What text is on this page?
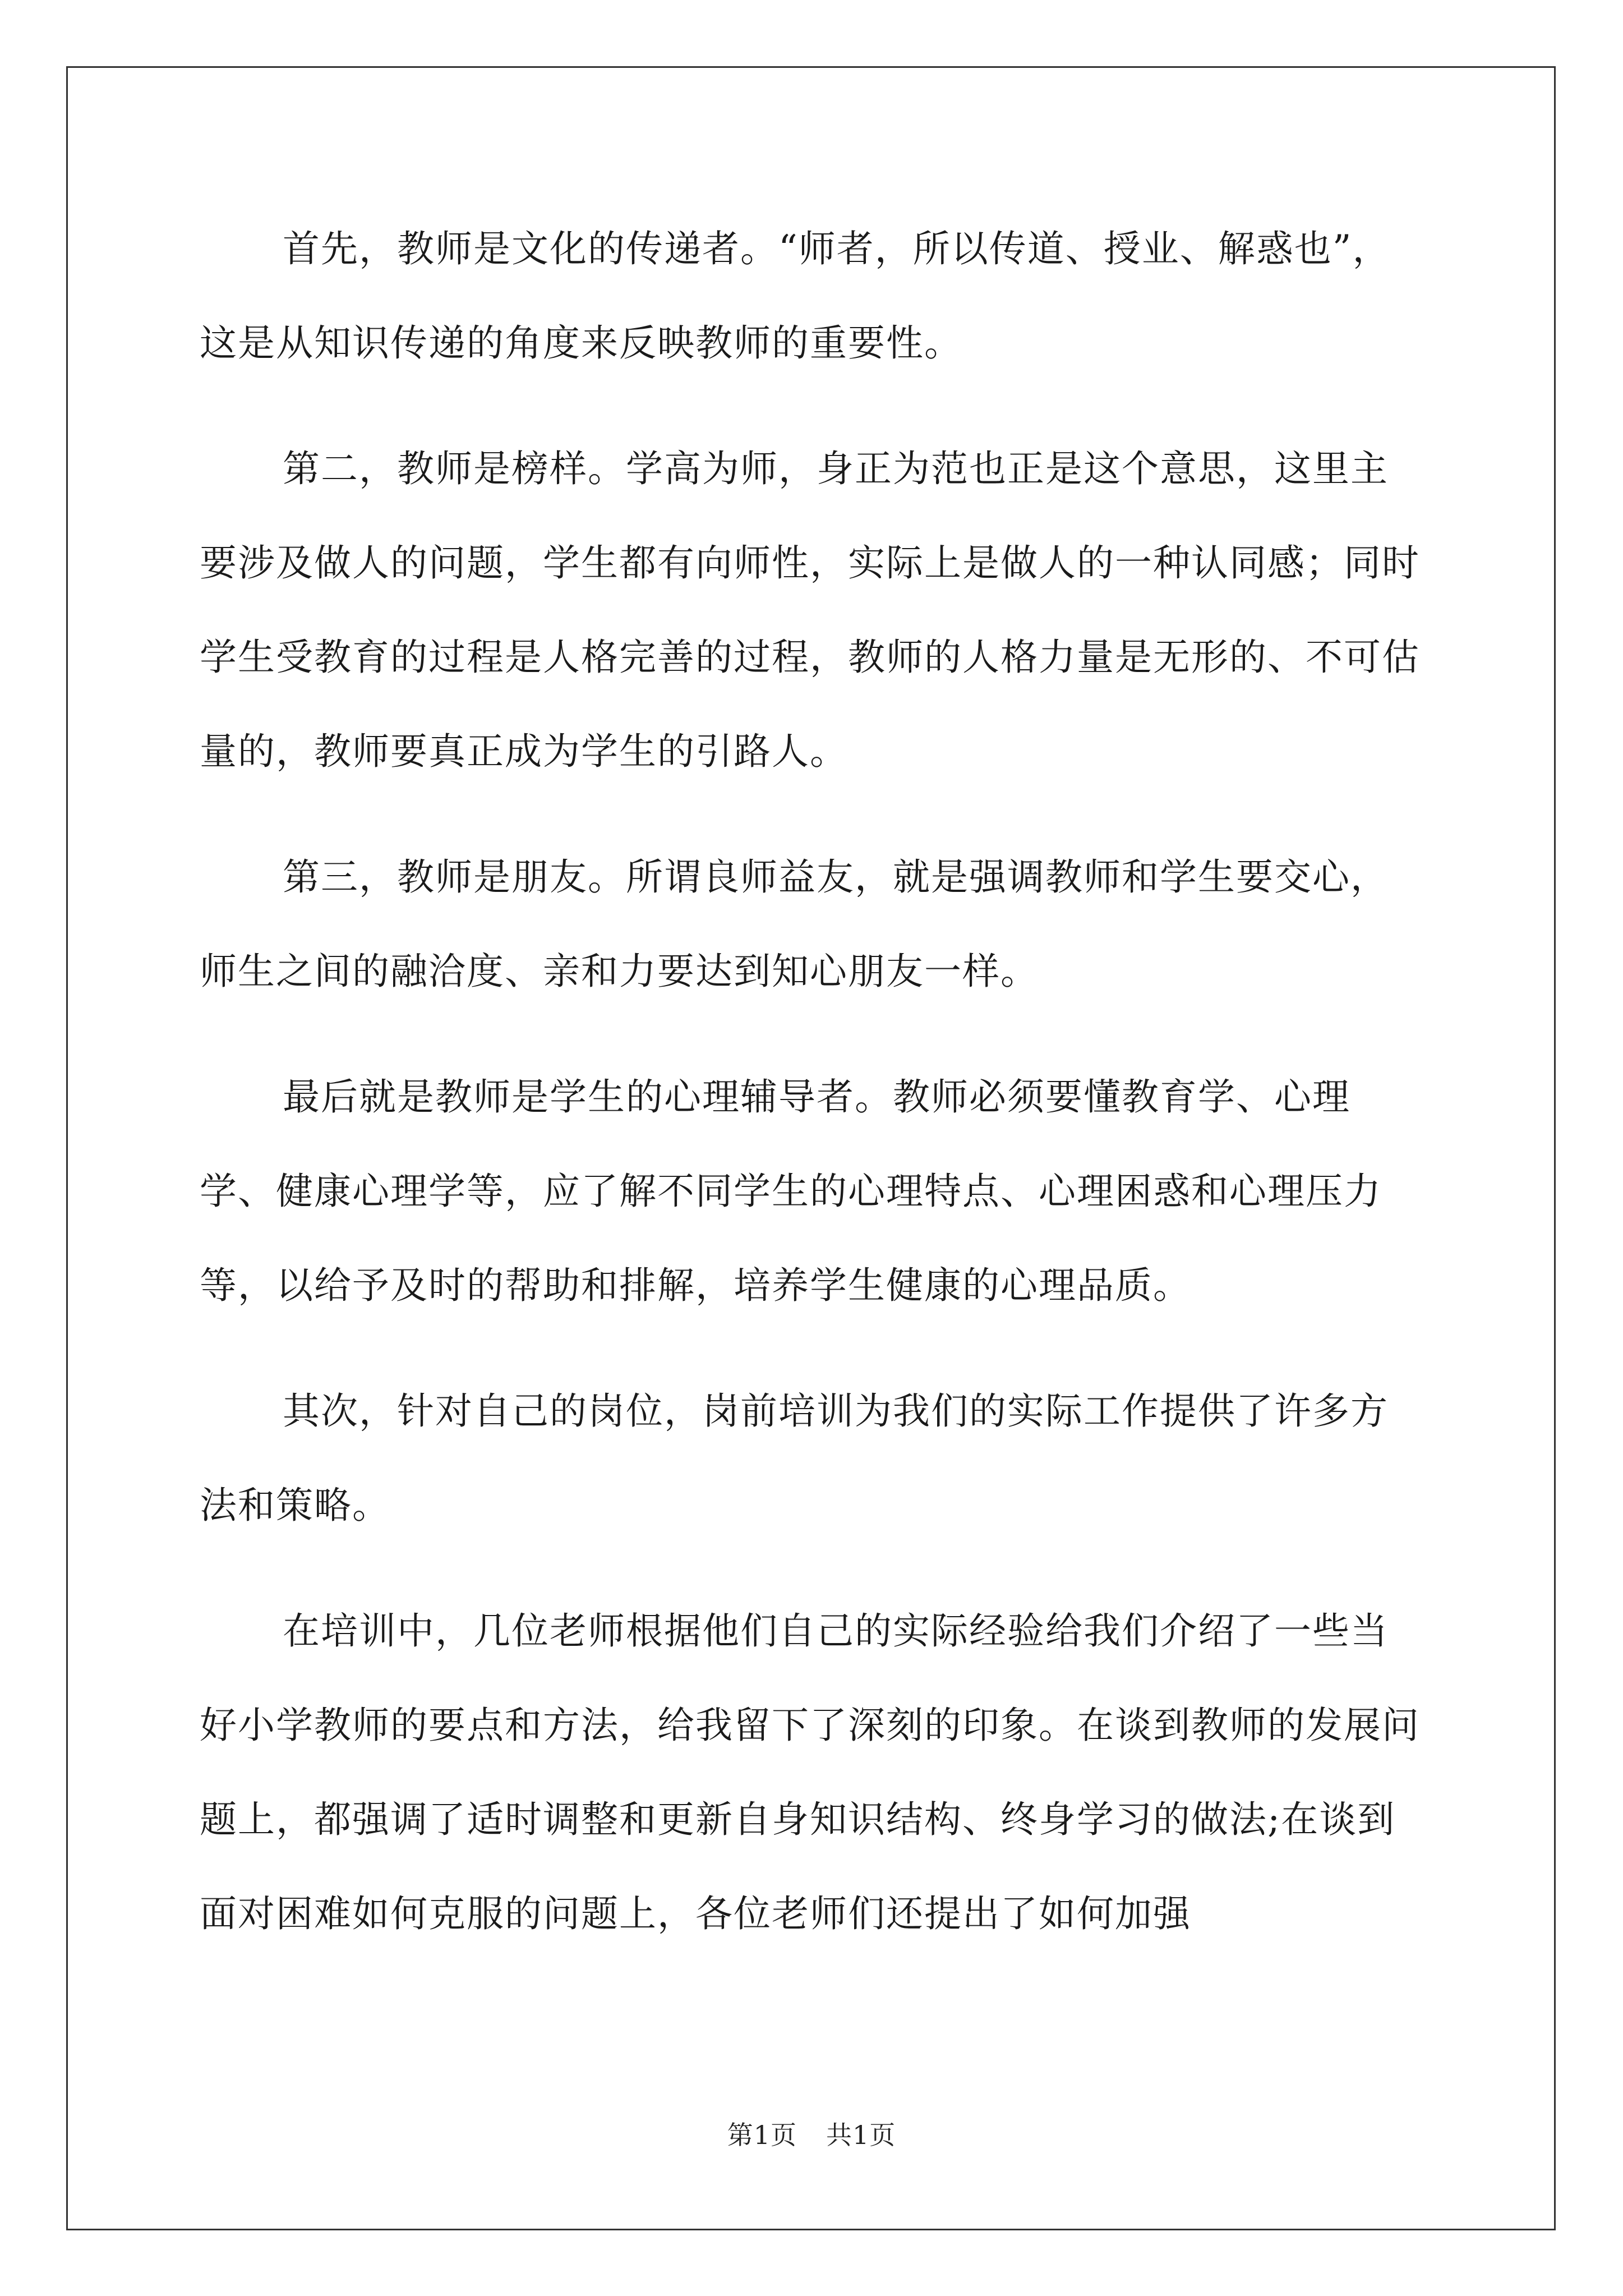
首先，教师是文化的传递者。“师者，所以传道、授业、解惑也”，这是从知识传递的角度来反映教师的重要性。

第二，教师是榜样。学高为师，身正为范也正是这个意思，这里主要涉及做人的问题，学生都有向师性，实际上是做人的一种认同感；同时学生受教育的过程是人格完善的过程，教师的人格力量是无形的、不可估量的，教师要真正成为学生的引路人。

第三，教师是朋友。所谓良师益友，就是强调教师和学生要交心，师生之间的融洽度、亲和力要达到知心朋友一样。

最后就是教师是学生的心理辅导者。教师必须要懂教育学、心理学、健康心理学等，应了解不同学生的心理特点、心理困惑和心理压力等，以给予及时的帮助和排解，培养学生健康的心理品质。

其次，针对自己的岗位，岗前培训为我们的实际工作提供了许多方法和策略。

在培训中，几位老师根据他们自己的实际经验给我们介绍了一些当好小学教师的要点和方法，给我留下了深刻的印象。在谈到教师的发展问题上，都强调了适时调整和更新自身知识结构、终身学习的做法;在谈到面对困难如何克服的问题上，各位老师们还提出了如何加强

第1页 共1页
